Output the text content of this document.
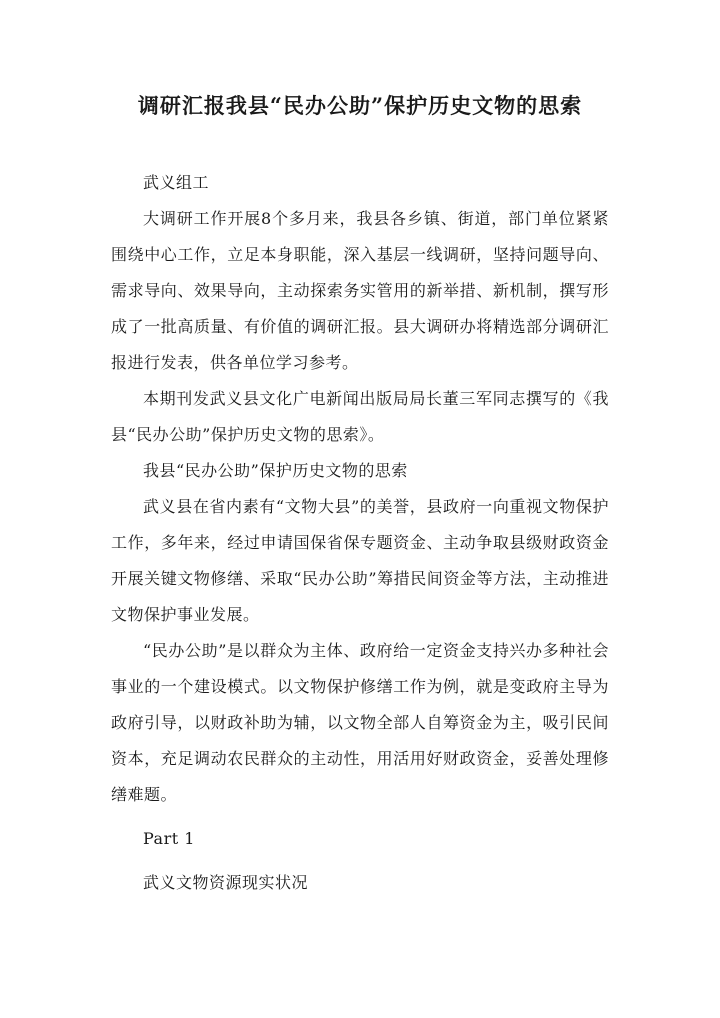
调研汇报我县“民办公助”保护历史文物的思索

武义组工

大调研工作开展8个多月来，我县各乡镇、街道，部门单位紧紧围绕中心工作，立足本身职能，深入基层一线调研，坚持问题导向、需求导向、效果导向，主动探索务实管用的新举措、新机制，撰写形成了一批高质量、有价值的调研汇报。县大调研办将精选部分调研汇报进行发表，供各单位学习参考。

本期刊发武义县文化广电新闻出版局局长董三军同志撰写的《我县“民办公助”保护历史文物的思索》。

我县“民办公助”保护历史文物的思索

武义县在省内素有“文物大县”的美誉，县政府一向重视文物保护工作，多年来，经过申请国保省保专题资金、主动争取县级财政资金开展关键文物修缮、采取“民办公助”筹措民间资金等方法，主动推进文物保护事业发展。

“民办公助”是以群众为主体、政府给一定资金支持兴办多种社会事业的一个建设模式。以文物保护修缮工作为例，就是变政府主导为政府引导，以财政补助为辅，以文物全部人自筹资金为主，吸引民间资本，充足调动农民群众的主动性，用活用好财政资金，妥善处理修缮难题。

Part 1

武义文物资源现实状况
